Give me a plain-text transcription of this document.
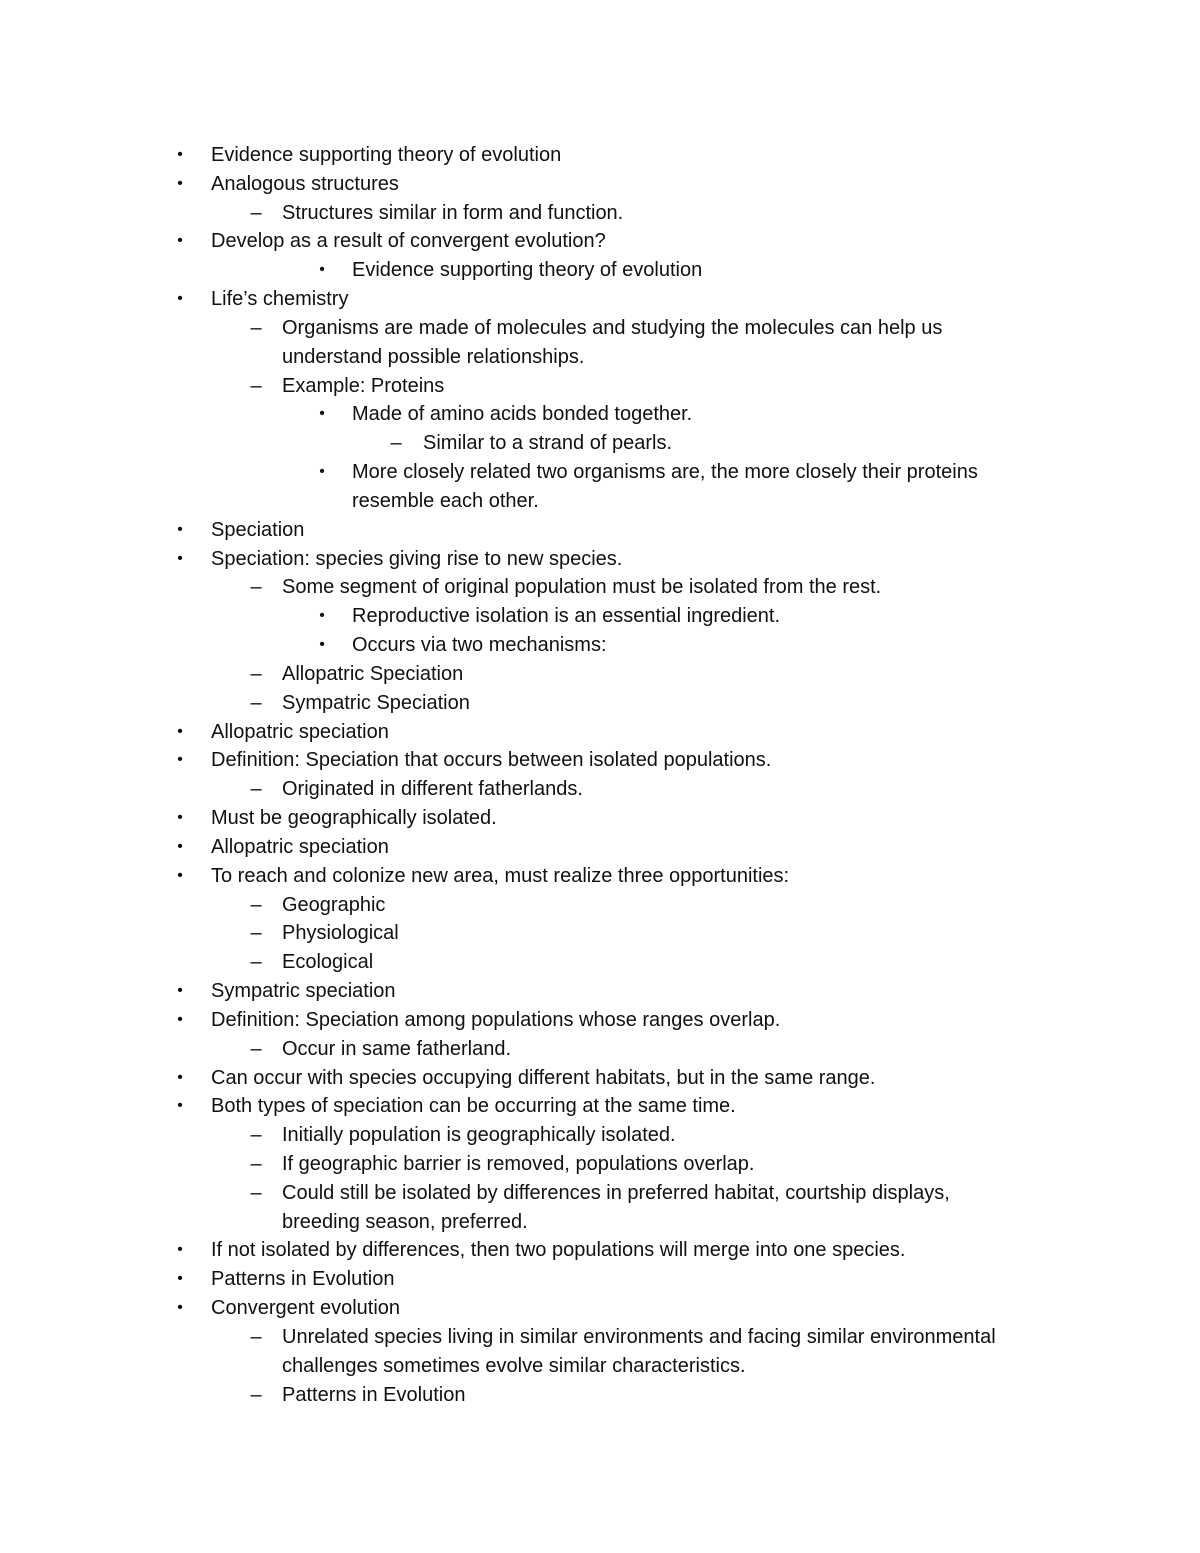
•	Evidence supporting theory of evolution
•	Analogous structures
–	Structures similar in form and function.
•	Develop as a result of convergent evolution?
•	Evidence supporting theory of evolution
•	Life’s chemistry
–	Organisms are made of molecules and studying the molecules can help us
understand possible relationships.
–	Example: Proteins
•	Made of amino acids bonded together.
–	Similar to a strand of pearls.
•	More closely related two organisms are, the more closely their proteins
resemble each other.
•	Speciation
•	Speciation: species giving rise to new species.
–	Some segment of original population must be isolated from the rest.
•	Reproductive isolation is an essential ingredient.
•	Occurs via two mechanisms:
–	Allopatric Speciation
–	Sympatric Speciation
•	Allopatric speciation
•	Definition: Speciation that occurs between isolated populations.
–	Originated in different fatherlands.
•	Must be geographically isolated.
•	Allopatric speciation
•	To reach and colonize new area, must realize three opportunities:
–	Geographic
–	Physiological
–	Ecological
•	Sympatric speciation
•	Definition: Speciation among populations whose ranges overlap.
–	Occur in same fatherland.
•	Can occur with species occupying different habitats, but in the same range.
•	Both types of speciation can be occurring at the same time.
–	Initially population is geographically isolated.
–	If geographic barrier is removed, populations overlap.
–	Could still be isolated by differences in preferred habitat, courtship displays,
breeding season, preferred.
•	If not isolated by differences, then two populations will merge into one species.
•	Patterns in Evolution
•	Convergent evolution
–	Unrelated species living in similar environments and facing similar environmental
challenges sometimes evolve similar characteristics.
–	Patterns in Evolution
